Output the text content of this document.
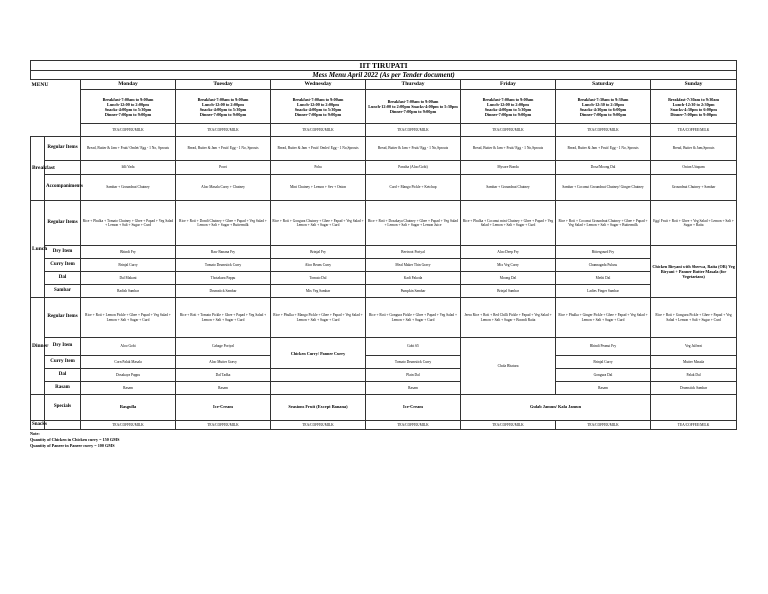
IIT TIRUPATI								
Mess Menu April 2022 (As per Tender document)								
MENU		Monday	Tuesday	Wednesday	Thursday	Friday	Saturday	Sunday
		Breakfast-7:00am to 9:00am
Lunch-12:00 to 2:00pm
Snacks-4:00pm to 5:30pm
Dinner-7:00pm to 9:00pm	Breakfast-7:00am to 9:00am
Lunch-12:00 to 2:00pm
Snacks-4:00pm to 5:30pm
Dinner-7:00pm to 9:00pm	Breakfast-7:00am to 9:00am
Lunch-12:00 to 2:00pm
Snacks-4:00pm to 5:30pm
Dinner-7:00pm to 9:00pm	Breakfast-7:00am to 9:00am
Lunch-12:00 to 2:00pm Snacks-4:00pm to 5:30pm
Dinner-7:00pm to 9:00pm	Breakfast-7:00am to 9:00am
Lunch-12:00 to 2:00pm
Snacks-4:00pm to 5:30pm
Dinner-7:00pm to 9:00pm	Breakfast-7:30am to 9:30am
Lunch-12:30 to 2:30pm
Snacks-4:30pm to 6:00pm
Dinner-7:00pm to 9:00pm	Breakfast-7:30am to 9:30am
Lunch-12:30 to 2:30pm
Snacks-4:30pm to 6:00pm
Dinner-7:00pm to 9:00pm
		TEA/COFFEE/MILK	TEA/COFFEE/MILK	TEA/COFFEE/MILK	TEA/COFFEE/MILK	TEA/COFFEE/MILK	TEA/COFFEE/MILK	TEA/COFFEE/MILK
Breakfast	Regular Items	Bread, Butter & Jam + Fruit/ Omlet/ Egg - 1 No, Sprouts	Bread, Butter & Jam + Fruit/ Egg - 1 No, Sprouts	Bread, Butter & Jam + Fruit/ Omlet/ Egg - 1 No,Sprouts	Bread, Butter & Jam + Fruit/ Egg - 1 No,Sprouts	Bread, Butter & Jam + Fruit/ Egg - 1 No,Sprouts	Bread, Butter & Jam + Fruit/ Egg - 1 No, Sprouts	Bread, Butter & Jam,Sprouts
		Idli Vada	Poori	Poha	Paratha (Aloo/Gobi)	Mysore Bonda	Dosa/Moong Dal	Onion Uttapam
	Accompaniments	Sambar + Groundnut Chutney	Aloo Masala Curry + Chutney	Mint Chutney + Lemon + Sev + Onion	Curd + Mango Pickle + Ketchup	Sambar + Groundnut Chutney	Sambar + Coconut Groundnut Chutney/ Ginger Chutney	Groundnut Chutney + Sambar
Lunch	Regular Items	Rice + Phulka + Tomato Chutney + Ghee + Papad + Veg Salad + Lemon + Salt + Sugar + Curd	Rice + Roti + Dondi Chutney + Ghee + Papad + Veg Salad + Lemon + Salt + Sugar + Buttermilk	Rice + Roti + Gongura Chutney + Ghee + Papad + Veg Salad + Lemon + Salt + Sugar + Curd	Rice + Roti + Dosakaya Chutney + Ghee + Papad + Veg Salad + Lemon + Salt + Sugar + Lemon Juice	Rice + Phulka + Coconut mint Chutney + Ghee + Papad + Veg Salad + Lemon + Salt + Sugar + Curd	Rice + Roti + Coconut Groundnut Chutney + Ghee + Papad + Veg Salad + Lemon + Salt + Sugar + Buttermilk	Egg/ Fruit + Roti + Ghee + Veg Salad + Lemon + Salt + Sugar + Raita
	Dry Item	Bhindi Fry	Raw Banana Fry	Brinjal Fry	Beetroot Poriyal	Aloo Deep Fry	Bittergourd Fry	Chicken Biryani with Sherwa, Raita (OR) Veg Biryani + Panner Butter Masala (for Vegetarians)
	Curry Item	Brinjal Curry	Tomato Drumstick Curry	Aloo Beans Curry	Meal Maker Thin Gravy	Mix Veg Curry	Channagada Pulusu	
	Dal	Dal Makani	Thotakura Pappu	Tomato Dal	Kadi Pakoda	Moong Dal	Methi Dal	
	Sambar	Radish Sambar	Drumstick Sambar	Mix Veg Sambar	Pumpkin Sambar	Brinjal Sambar	Ladies Finger Sambar	
Dinner	Regular Items	Rice + Roti + Lemon Pickle + Ghee + Papad + Veg Salad + Lemon + Salt + Sugar + Curd	Rice + Roti + Tomato Pickle + Ghee + Papad + Veg Salad + Lemon + Salt + Sugar + Curd	Rice + Phulka + Mango Pickle + Ghee + Papad + Veg Salad + Lemon + Salt + Sugar + Curd	Rice + Roti + Gongura Pickle + Ghee + Papad + Veg Salad + Lemon + Salt + Sugar + Curd	Jeera Rice + Roti + Red Chilli Pickle + Papad + Veg Salad + Lemon + Salt + Sugar + Boondi Raita	Rice + Phulka + Ginger Pickle + Ghee + Papad + Veg Salad + Lemon + Salt + Sugar + Curd	Rice + Roti + Gongura Pickle + Ghee + Papad + Veg Salad + Lemon + Salt + Sugar + Curd
	Dry Item	Aloo Gobi	Cabage Poriyal	Chicken Curry/ Panner Curry	Gobi 65	Chola Bhatura	Bhindi Peanut Fry	Veg Jalfrezi
	Curry Item	Corn Palak Masala	Aloo Mutter Gravy		Tomato Drumstick Curry		Brinjal Curry	Mutter Masala
	Dal	Dosakaya Pappu	Dal Tadka		Plain Dal		Gongura Dal	Palak Dal
	Rasam	Rasam	Rasam		Rasam		Rasam	Drumstick Sambar
	Specials	Rasgulla	Ice-Cream	Seasions Fruit (Except Banana)	Ice-Cream	Gulab Jamun/ Kala Jamun		
Snacks		TEA/COFFEE/MILK	TEA/COFFEE/MILK	TEA/COFFEE/MILK	TEA/COFFEE/MILK	TEA/COFFEE/MILK	TEA/COFFEE/MILK	TEA/COFFEE/MILK
Note:
Quantity of Chicken in Chicken curry = 150 GMS
Quantity of Paneer in Paneer curry = 100 GMS
